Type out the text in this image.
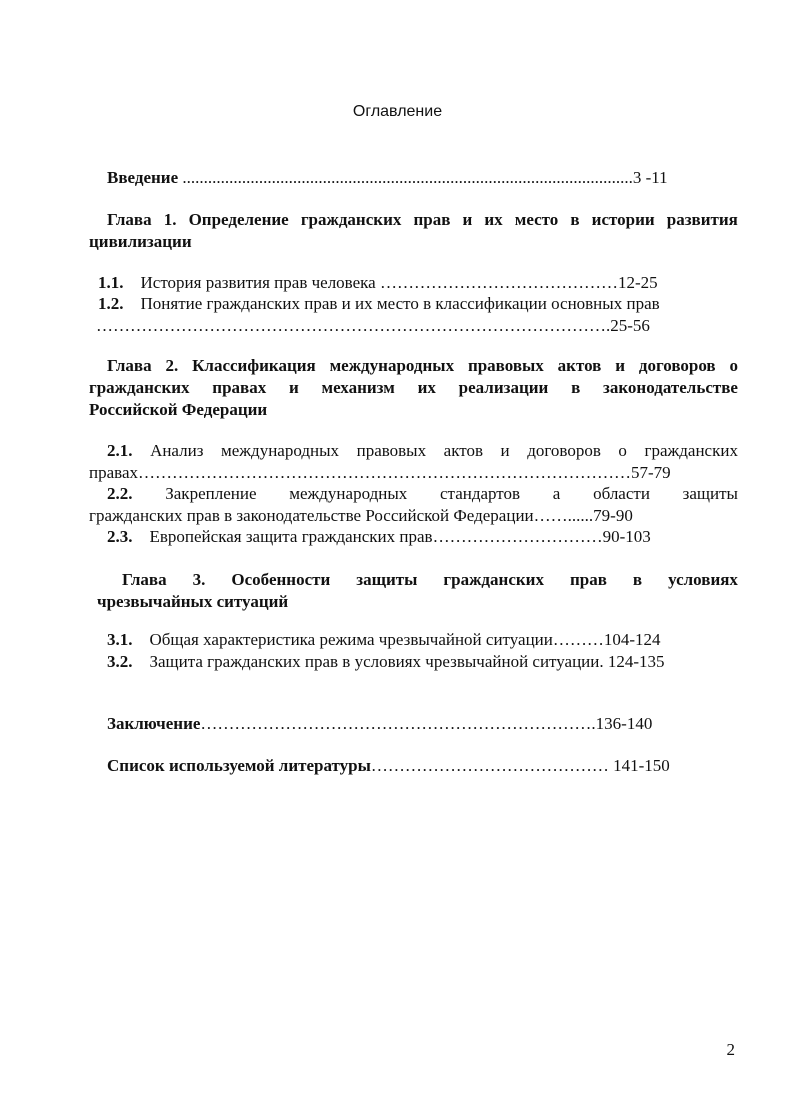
Оглавление
Введение ..........................................................................................................3 -11
Глава 1. Определение гражданских прав и их место в истории развития
цивилизации
1.1. История развития прав человека ……………………………………12-25
1.2. Понятие гражданских прав и их место в классификации основных прав
……………………………………………………………………………….25-56
Глава 2. Классификация международных правовых актов и договоров о
гражданских правах и механизм их реализации в законодательстве
Российской Федерации
2.1. Анализ международных правовых актов и договоров о гражданских
правах……………………………………………………………………………57-79
2.2. Закрепление международных стандартов а области защиты
гражданских прав в законодательстве Российской Федерации……......79-90
2.3. Европейская защита гражданских прав…………………………90-103
Глава 3. Особенности защиты гражданских прав в условиях
чрезвычайных ситуаций
3.1. Общая характеристика режима чрезвычайной ситуации………104-124
3.2. Защита гражданских прав в условиях чрезвычайной ситуации. 124-135
Заключение…………………………………………………………….136-140
Список используемой литературы…………………………………… 141-150
2
